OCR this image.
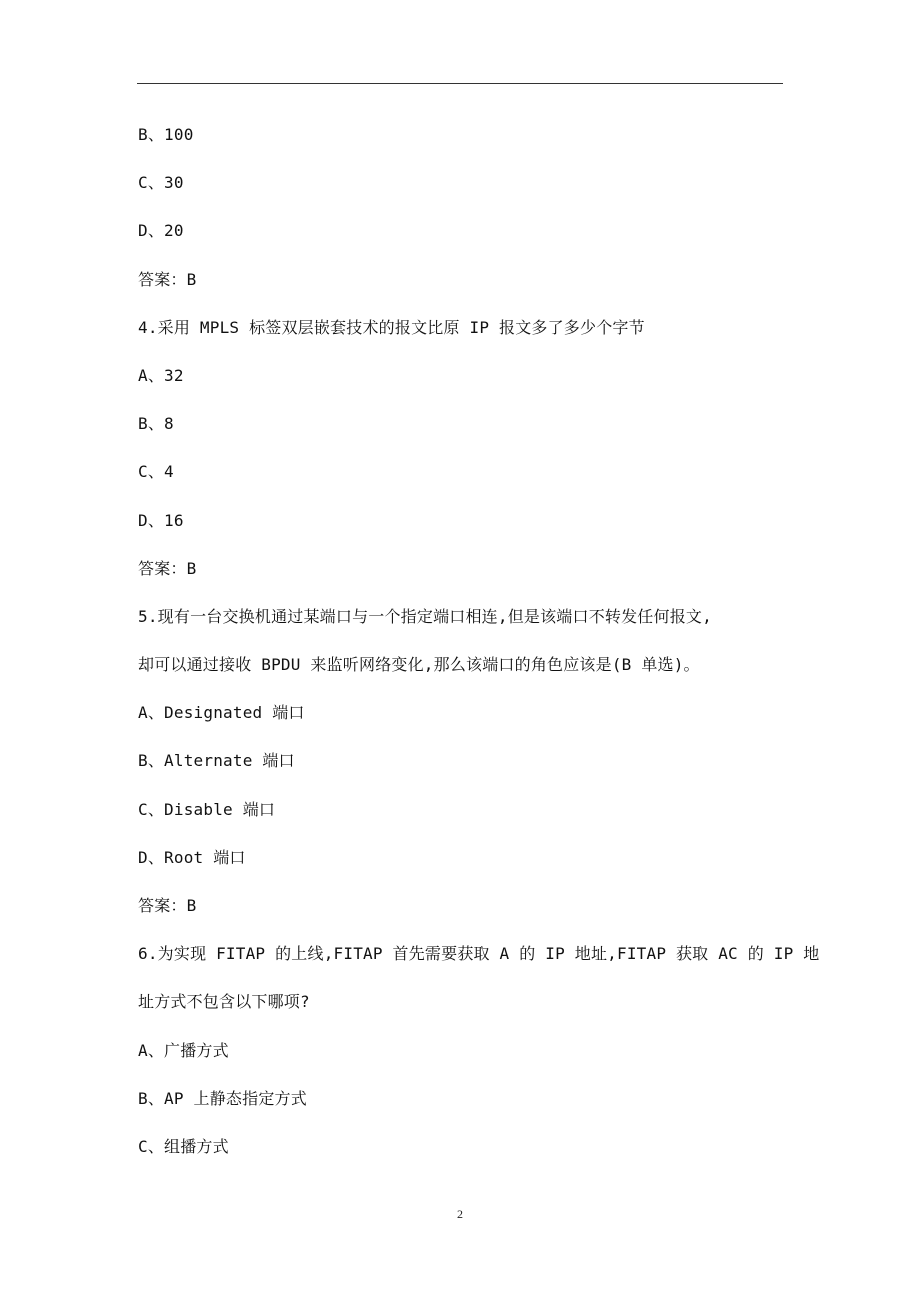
B、100
C、30
D、20
答案：B
4.采用 MPLS 标签双层嵌套技术的报文比原 IP 报文多了多少个字节
A、32
B、8
C、4
D、16
答案：B
5.现有一台交换机通过某端口与一个指定端口相连,但是该端口不转发任何报文,
却可以通过接收 BPDU 来监听网络变化,那么该端口的角色应该是(B 单选)。
A、Designated 端口
B、Alternate 端口
C、Disable 端口
D、Root 端口
答案：B
6.为实现 FITAP 的上线,FITAP 首先需要获取 A 的 IP 地址,FITAP 获取 AC 的 IP 地
址方式不包含以下哪项?
A、广播方式
B、AP 上静态指定方式
C、组播方式
2
